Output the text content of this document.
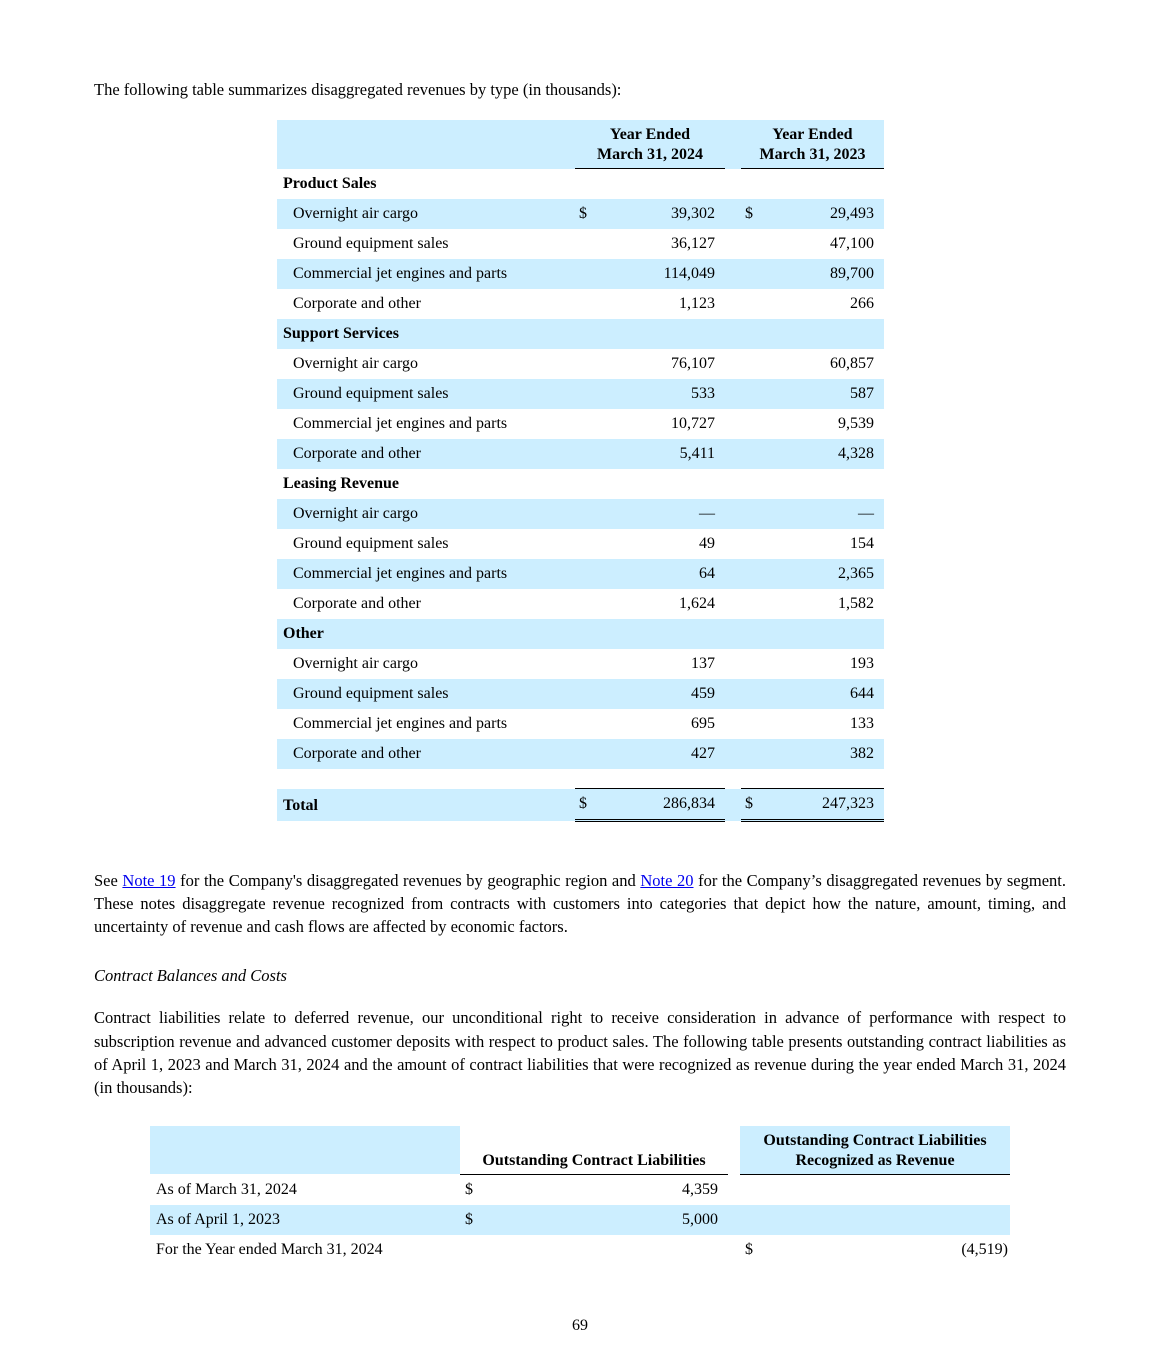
The following table summarizes disaggregated revenues by type (in thousands):

Year Ended
March 31, 2024

Year Ended
March 31, 2023

Product Sales					
Overnight air cargo	$	39,302		$	29,493
Ground equipment sales		36,127			47,100
Commercial jet engines and parts		114,049			89,700
Corporate and other		1,123			266
Support Services					
Overnight air cargo		76,107			60,857
Ground equipment sales		533			587
Commercial jet engines and parts		10,727			9,539
Corporate and other		5,411			4,328
Leasing Revenue					
Overnight air cargo		—			—
Ground equipment sales		49			154
Commercial jet engines and parts		64			2,365
Corporate and other		1,624			1,582
Other					
Overnight air cargo		137			193
Ground equipment sales		459			644
Commercial jet engines and parts		695			133
Corporate and other		427			382

Total	$	286,834		$	247,323

See Note 19 for the Company's disaggregated revenues by geographic region and Note 20 for the Company’s disaggregated revenues by segment. These notes disaggregate revenue recognized from contracts with customers into categories that depict how the nature, amount, timing, and uncertainty of revenue and cash flows are affected by economic factors.

Contract Balances and Costs

Contract liabilities relate to deferred revenue, our unconditional right to receive consideration in advance of performance with respect to subscription revenue and advanced customer deposits with respect to product sales. The following table presents outstanding contract liabilities as of April 1, 2023 and March 31, 2024 and the amount of contract liabilities that were recognized as revenue during the year ended March 31, 2024 (in thousands):

	Outstanding Contract Liabilities			Outstanding Contract Liabilities
Recognized as Revenue	

As of March 31, 2024	$	4,359			
As of April 1, 2023	$	5,000			
For the Year ended March 31, 2024				$	(4,519)
69
